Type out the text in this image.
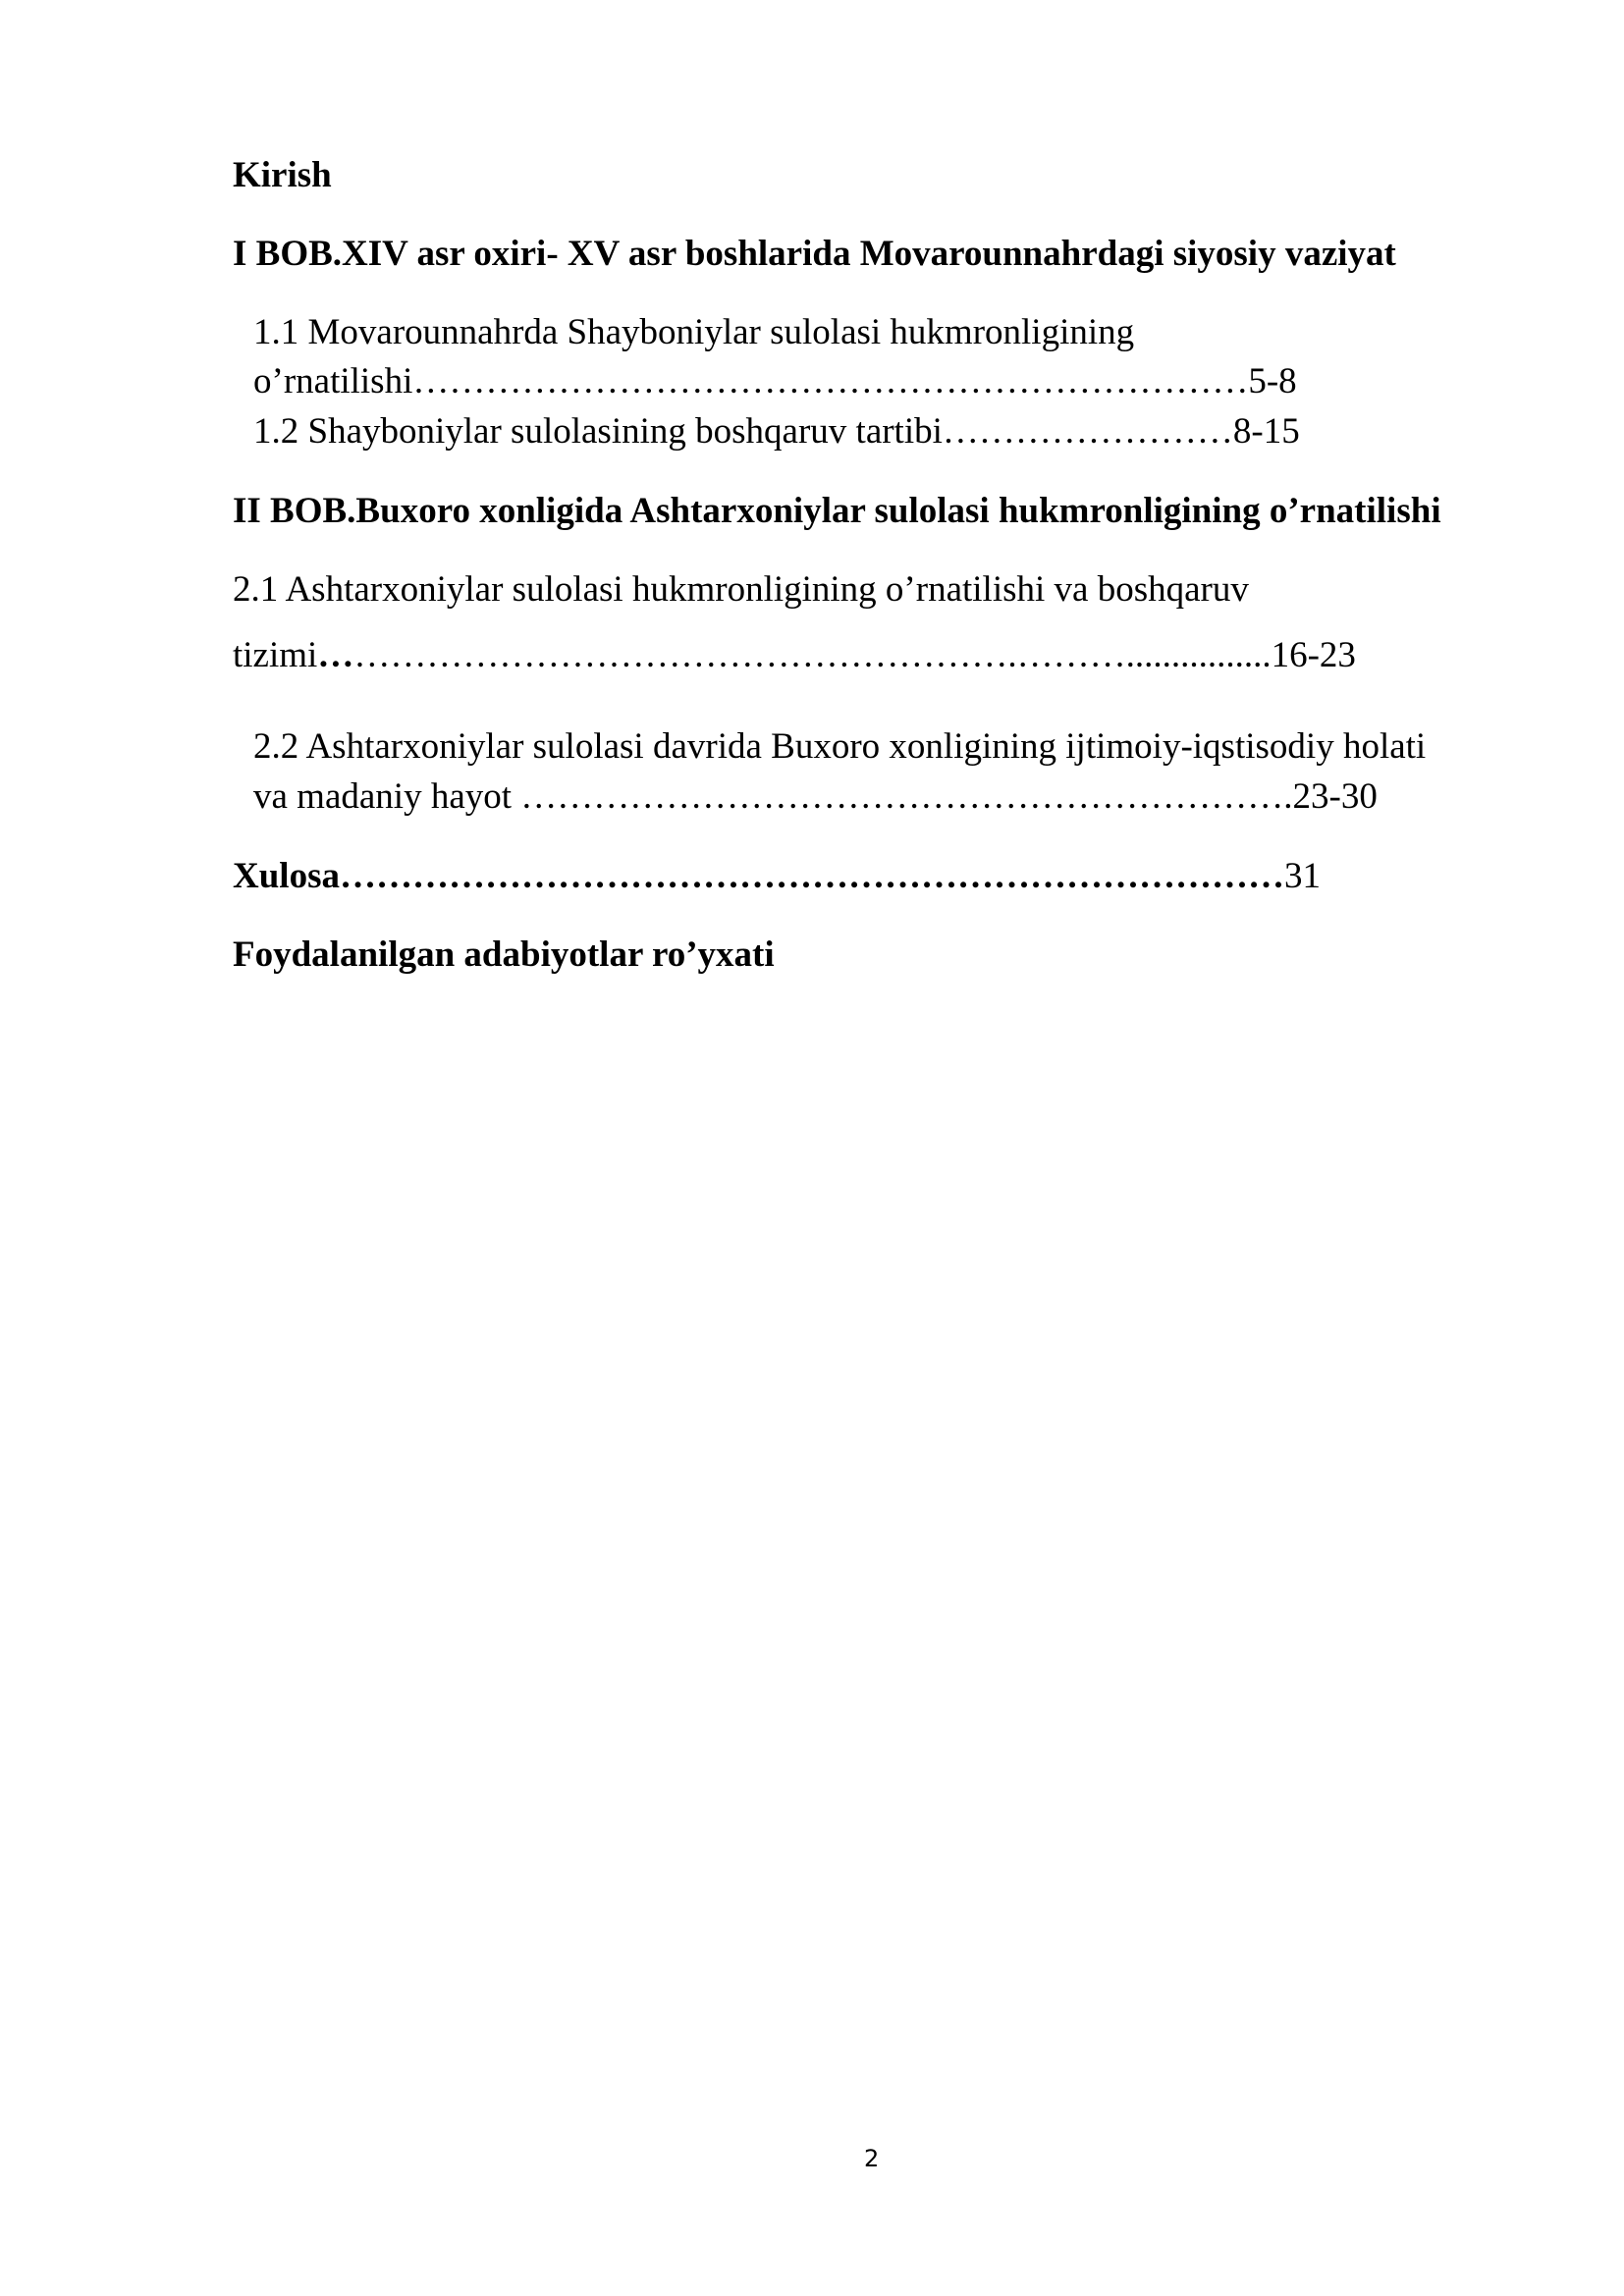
Kirish
I BOB.XIV asr oxiri- XV asr boshlarida Movarounnahrdagi siyosiy vaziyat
1.1 Movarounnahrda Shayboniylar sulolasi hukmronligining
o’rnatilishi……………………………………………………………5-8
1.2 Shayboniylar sulolasining boshqaruv tartibi……………………8-15
II BOB.Buxoro xonligida Ashtarxoniylar sulolasi hukmronligining o’rnatilishi
2.1 Ashtarxoniylar sulolasi hukmronligining o’rnatilishi va boshqaruv
tizimi………………………………………………….………................16-23
2.2 Ashtarxoniylar sulolasi davrida Buxoro xonligining ijtimoiy-iqstisodiy holati
va madaniy hayot ……………………………………………………….23-30
Xulosa……………………………………………………………………31
Foydalanilgan adabiyotlar ro’yxati
2
